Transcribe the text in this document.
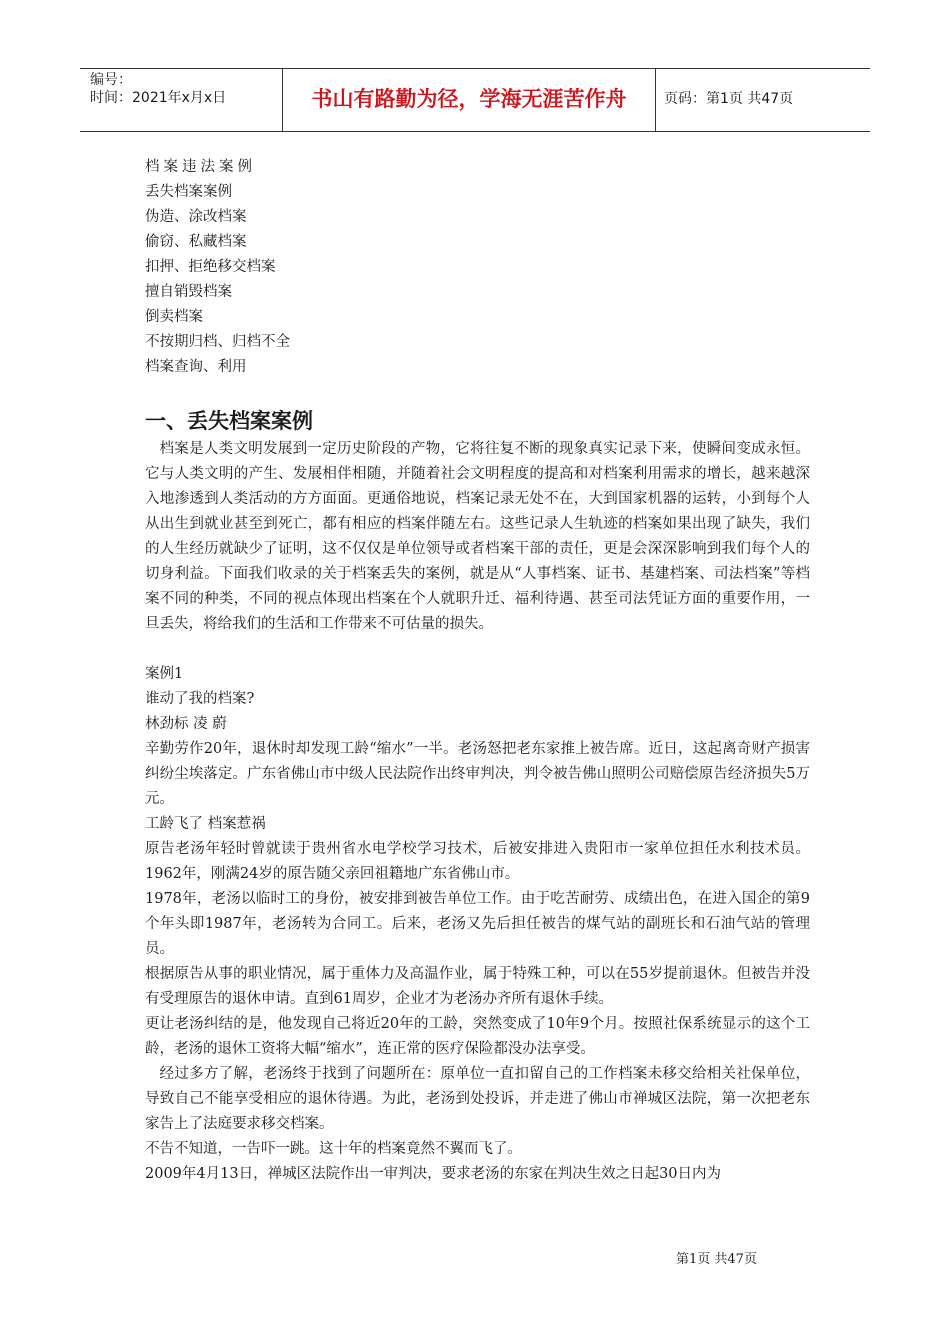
编号：
时间：2021年x月x日	书山有路勤为径，学海无涯苦作舟	页码：第1页 共47页
档案违法案例
丢失档案案例
伪造、涂改档案
偷窃、私藏档案
扣押、拒绝移交档案
擅自销毁档案
倒卖档案
不按期归档、归档不全
档案查询、利用
一、丢失档案案例

档案是人类文明发展到一定历史阶段的产物，它将往复不断的现象真实记录下来，使瞬间变成永恒。它与人类文明的产生、发展相伴相随，并随着社会文明程度的提高和对档案利用需求的增长，越来越深入地渗透到人类活动的方方面面。更通俗地说，档案记录无处不在，大到国家机器的运转，小到每个人从出生到就业甚至到死亡，都有相应的档案伴随左右。这些记录人生轨迹的档案如果出现了缺失，我们的人生经历就缺少了证明，这不仅仅是单位领导或者档案干部的责任，更是会深深影响到我们每个人的切身利益。下面我们收录的关于档案丢失的案例，就是从“人事档案、证书、基建档案、司法档案”等档案不同的种类，不同的视点体现出档案在个人就职升迁、福利待遇、甚至司法凭证方面的重要作用，一旦丢失，将给我们的生活和工作带来不可估量的损失。

案例1

谁动了我的档案?

林劲标 凌 蔚

辛勤劳作20年，退休时却发现工龄“缩水”一半。老汤怒把老东家推上被告席。近日，这起离奇财产损害纠纷尘埃落定。广东省佛山市中级人民法院作出终审判决，判令被告佛山照明公司赔偿原告经济损失5万元。

工龄飞了 档案惹祸

原告老汤年轻时曾就读于贵州省水电学校学习技术，后被安排进入贵阳市一家单位担任水利技术员。1962年，刚满24岁的原告随父亲回祖籍地广东省佛山市。

1978年，老汤以临时工的身份，被安排到被告单位工作。由于吃苦耐劳、成绩出色，在进入国企的第9个年头即1987年，老汤转为合同工。后来，老汤又先后担任被告的煤气站的副班长和石油气站的管理员。

根据原告从事的职业情况，属于重体力及高温作业，属于特殊工种，可以在55岁提前退休。但被告并没有受理原告的退休申请。直到61周岁，企业才为老汤办齐所有退休手续。

更让老汤纠结的是，他发现自己将近20年的工龄，突然变成了10年9个月。按照社保系统显示的这个工龄，老汤的退休工资将大幅“缩水”，连正常的医疗保险都没办法享受。

经过多方了解，老汤终于找到了问题所在：原单位一直扣留自己的工作档案未移交给相关社保单位，导致自己不能享受相应的退休待遇。为此，老汤到处投诉，并走进了佛山市禅城区法院，第一次把老东家告上了法庭要求移交档案。

不告不知道，一告吓一跳。这十年的档案竟然不翼而飞了。

2009年4月13日，禅城区法院作出一审判决，要求老汤的东家在判决生效之日起30日内为

第1页 共47页
